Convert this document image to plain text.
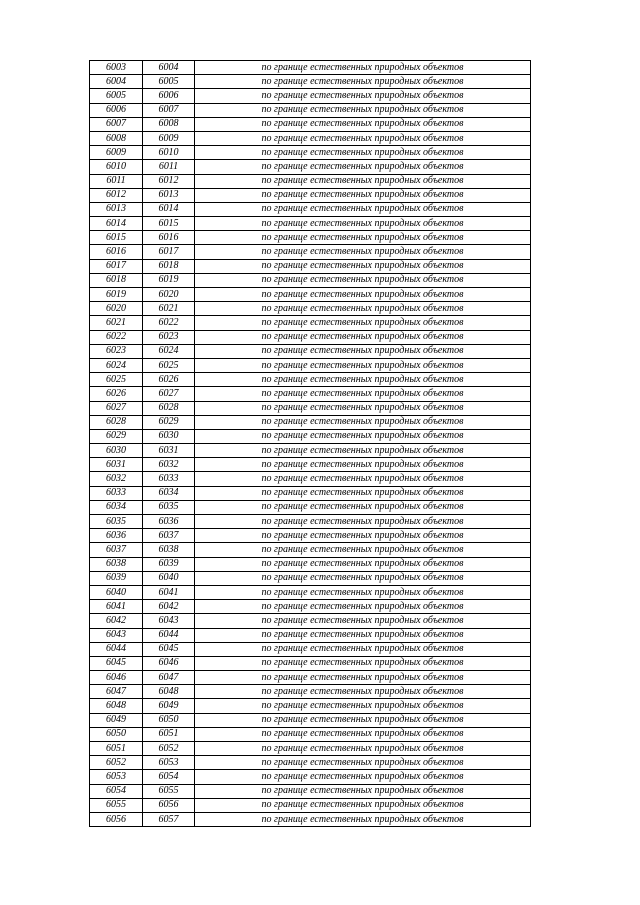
6003	6004	по границе естественных природных объектов
6004	6005	по границе естественных природных объектов
6005	6006	по границе естественных природных объектов
6006	6007	по границе естественных природных объектов
6007	6008	по границе естественных природных объектов
6008	6009	по границе естественных природных объектов
6009	6010	по границе естественных природных объектов
6010	6011	по границе естественных природных объектов
6011	6012	по границе естественных природных объектов
6012	6013	по границе естественных природных объектов
6013	6014	по границе естественных природных объектов
6014	6015	по границе естественных природных объектов
6015	6016	по границе естественных природных объектов
6016	6017	по границе естественных природных объектов
6017	6018	по границе естественных природных объектов
6018	6019	по границе естественных природных объектов
6019	6020	по границе естественных природных объектов
6020	6021	по границе естественных природных объектов
6021	6022	по границе естественных природных объектов
6022	6023	по границе естественных природных объектов
6023	6024	по границе естественных природных объектов
6024	6025	по границе естественных природных объектов
6025	6026	по границе естественных природных объектов
6026	6027	по границе естественных природных объектов
6027	6028	по границе естественных природных объектов
6028	6029	по границе естественных природных объектов
6029	6030	по границе естественных природных объектов
6030	6031	по границе естественных природных объектов
6031	6032	по границе естественных природных объектов
6032	6033	по границе естественных природных объектов
6033	6034	по границе естественных природных объектов
6034	6035	по границе естественных природных объектов
6035	6036	по границе естественных природных объектов
6036	6037	по границе естественных природных объектов
6037	6038	по границе естественных природных объектов
6038	6039	по границе естественных природных объектов
6039	6040	по границе естественных природных объектов
6040	6041	по границе естественных природных объектов
6041	6042	по границе естественных природных объектов
6042	6043	по границе естественных природных объектов
6043	6044	по границе естественных природных объектов
6044	6045	по границе естественных природных объектов
6045	6046	по границе естественных природных объектов
6046	6047	по границе естественных природных объектов
6047	6048	по границе естественных природных объектов
6048	6049	по границе естественных природных объектов
6049	6050	по границе естественных природных объектов
6050	6051	по границе естественных природных объектов
6051	6052	по границе естественных природных объектов
6052	6053	по границе естественных природных объектов
6053	6054	по границе естественных природных объектов
6054	6055	по границе естественных природных объектов
6055	6056	по границе естественных природных объектов
6056	6057	по границе естественных природных объектов
